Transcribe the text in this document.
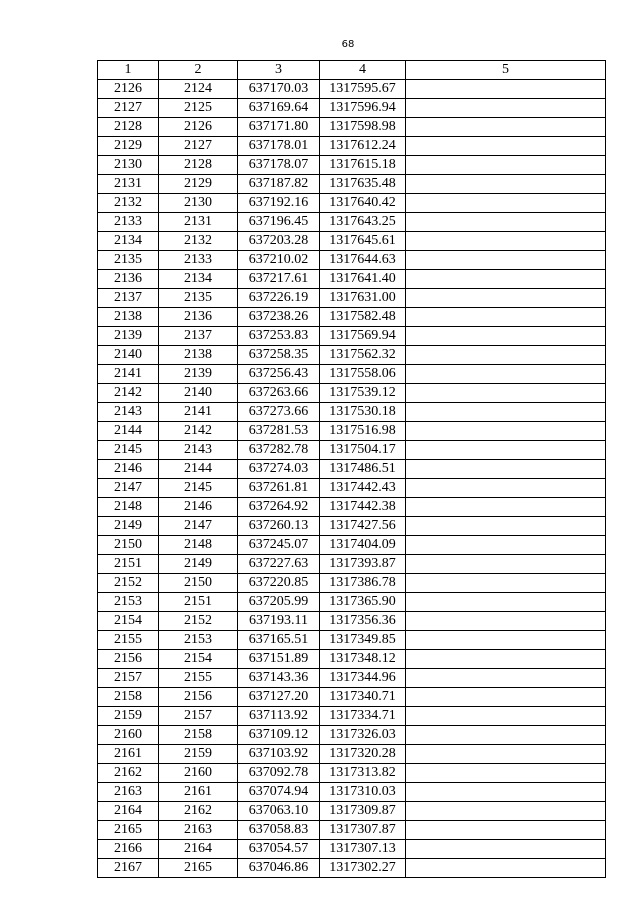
68
1	2	3	4	5
2126	2124	637170.03	1317595.67	
2127	2125	637169.64	1317596.94	
2128	2126	637171.80	1317598.98	
2129	2127	637178.01	1317612.24	
2130	2128	637178.07	1317615.18	
2131	2129	637187.82	1317635.48	
2132	2130	637192.16	1317640.42	
2133	2131	637196.45	1317643.25	
2134	2132	637203.28	1317645.61	
2135	2133	637210.02	1317644.63	
2136	2134	637217.61	1317641.40	
2137	2135	637226.19	1317631.00	
2138	2136	637238.26	1317582.48	
2139	2137	637253.83	1317569.94	
2140	2138	637258.35	1317562.32	
2141	2139	637256.43	1317558.06	
2142	2140	637263.66	1317539.12	
2143	2141	637273.66	1317530.18	
2144	2142	637281.53	1317516.98	
2145	2143	637282.78	1317504.17	
2146	2144	637274.03	1317486.51	
2147	2145	637261.81	1317442.43	
2148	2146	637264.92	1317442.38	
2149	2147	637260.13	1317427.56	
2150	2148	637245.07	1317404.09	
2151	2149	637227.63	1317393.87	
2152	2150	637220.85	1317386.78	
2153	2151	637205.99	1317365.90	
2154	2152	637193.11	1317356.36	
2155	2153	637165.51	1317349.85	
2156	2154	637151.89	1317348.12	
2157	2155	637143.36	1317344.96	
2158	2156	637127.20	1317340.71	
2159	2157	637113.92	1317334.71	
2160	2158	637109.12	1317326.03	
2161	2159	637103.92	1317320.28	
2162	2160	637092.78	1317313.82	
2163	2161	637074.94	1317310.03	
2164	2162	637063.10	1317309.87	
2165	2163	637058.83	1317307.87	
2166	2164	637054.57	1317307.13	
2167	2165	637046.86	1317302.27	
